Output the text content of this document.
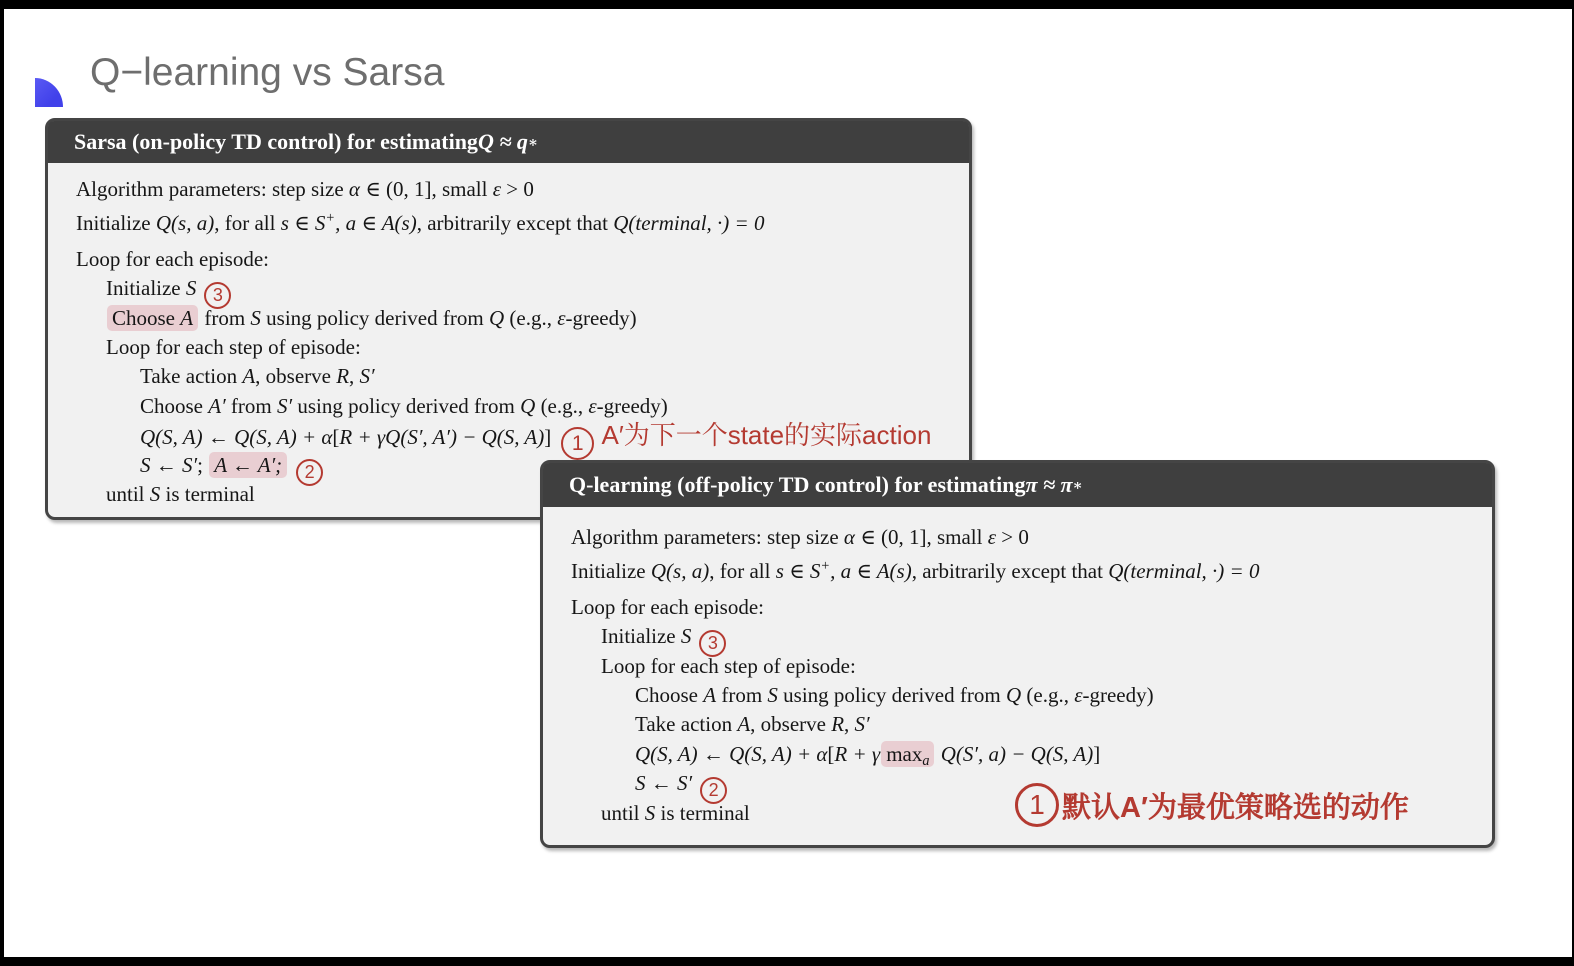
Q−learning vs Sarsa
Sarsa (on-policy TD control) for estimating Q ≈ q ∗
Algorithm parameters: step size α ∈ (0, 1], small ε > 0
Initialize Q(s, a), for all s ∈ S+, a ∈ A(s), arbitrarily except that Q(terminal, ·) = 0
Loop for each episode:
Initialize S 3
Choose A from S using policy derived from Q (e.g., ε-greedy)
Loop for each step of episode:
Take action A, observe R, S′
Choose A′ from S′ using policy derived from Q (e.g., ε-greedy)
Q(S, A) ← Q(S, A) + α[R + γQ(S′, A′) − Q(S, A)] 1 A′为下一个state的实际action
S ← S′; A ← A′; 2
until S is terminal	Q-learning (off-policy TD control) for estimating π ≈ π ∗
Algorithm parameters: step size α ∈ (0, 1], small ε > 0
Initialize Q(s, a), for all s ∈ S+, a ∈ A(s), arbitrarily except that Q(terminal, ·) = 0
Loop for each episode:
Initialize S 3
Loop for each step of episode:
Choose A from S using policy derived from Q (e.g., ε-greedy)
Take action A, observe R, S′
Q(S, A) ← Q(S, A) + α[R + γ $\max_a Q(S'$, a) − Q(S, A)]
S ← S′ 2
until S is terminal	1 默认A′为最优策略选的动作
